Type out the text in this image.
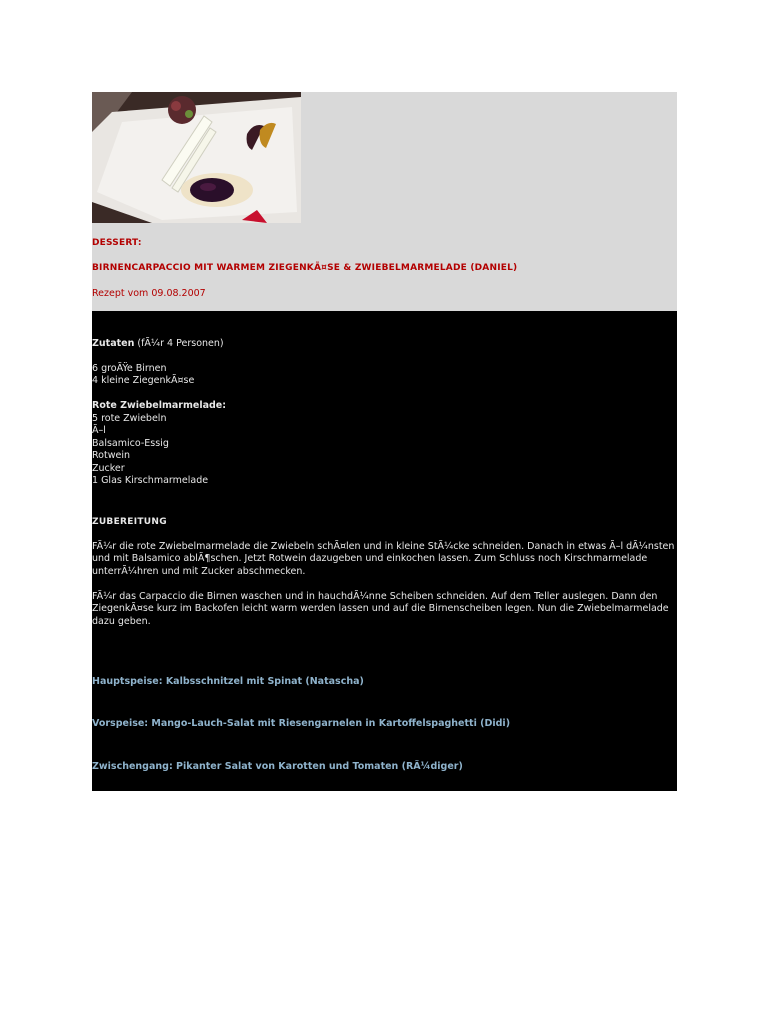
DESSERT:
BIRNENCARPACCIO MIT WARMEM ZIEGENKÃ¤SE & ZWIEBELMARMELADE (DANIEL)
Rezept vom 09.08.2007
Zutaten (fÃ¼r 4 Personen)
6 groÃŸe Birnen
4 kleine ZiegenkÃ¤se
Rote Zwiebelmarmelade:
5 rote Zwiebeln
Ã–l
Balsamico-Essig
Rotwein
Zucker
1 Glas Kirschmarmelade
ZUBEREITUNG
FÃ¼r die rote Zwiebelmarmelade die Zwiebeln schÃ¤len und in kleine StÃ¼cke schneiden. Danach in etwas Ã–l dÃ¼nsten und mit Balsamico ablÃ¶schen. Jetzt Rotwein dazugeben und einkochen lassen. Zum Schluss noch Kirschmarmelade unterrÃ¼hren und mit Zucker abschmecken.
FÃ¼r das Carpaccio die Birnen waschen und in hauchdÃ¼nne Scheiben schneiden. Auf dem Teller auslegen. Dann den ZiegenkÃ¤se kurz im Backofen leicht warm werden lassen und auf die Birnenscheiben legen. Nun die Zwiebelmarmelade dazu geben.
Hauptspeise: Kalbsschnitzel mit Spinat (Natascha)
Vorspeise: Mango-Lauch-Salat mit Riesengarnelen in Kartoffelspaghetti (Didi)
Zwischengang: Pikanter Salat von Karotten und Tomaten (RÃ¼diger)
